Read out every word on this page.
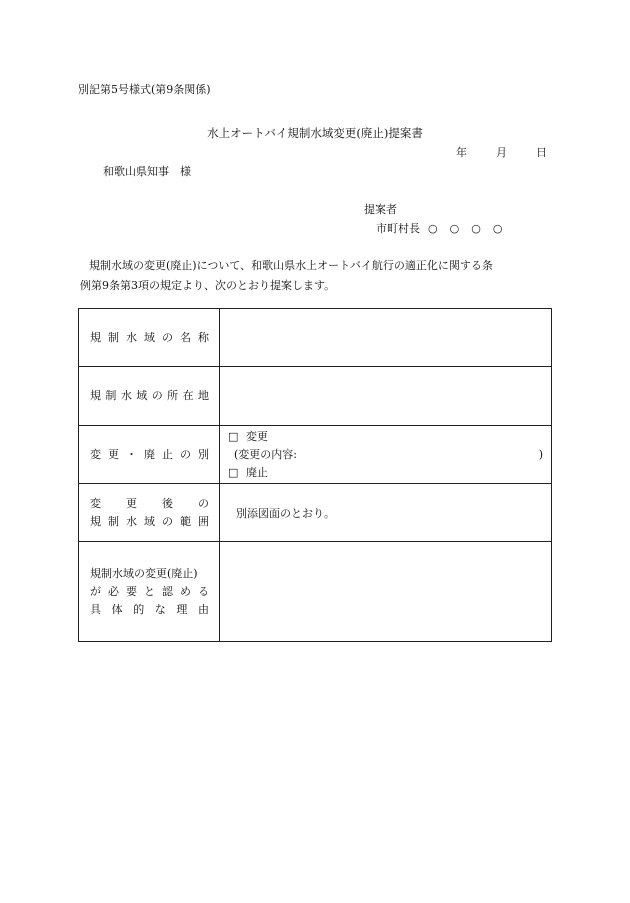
別記第5号様式(第9条関係)
水上オートバイ規制水域変更(廃止)提案書
年	月	日
和歌山県知事　様
提案者
市町村長 ○ ○ ○ ○
規制水域の変更(廃止)について、和歌山県水上オートバイ航行の適正化に関する条
例第9条第3項の規定より、次のとおり提案します。
規制水域の名称	

規制水域の所在地	

変更・廃止の別	□ 変更
(変更の内容: )
□ 廃止

変更後の
規制水域の範囲	別添図面のとおり。

規制水域の変更(廃止)
が必要と認める
具体的な理由	
